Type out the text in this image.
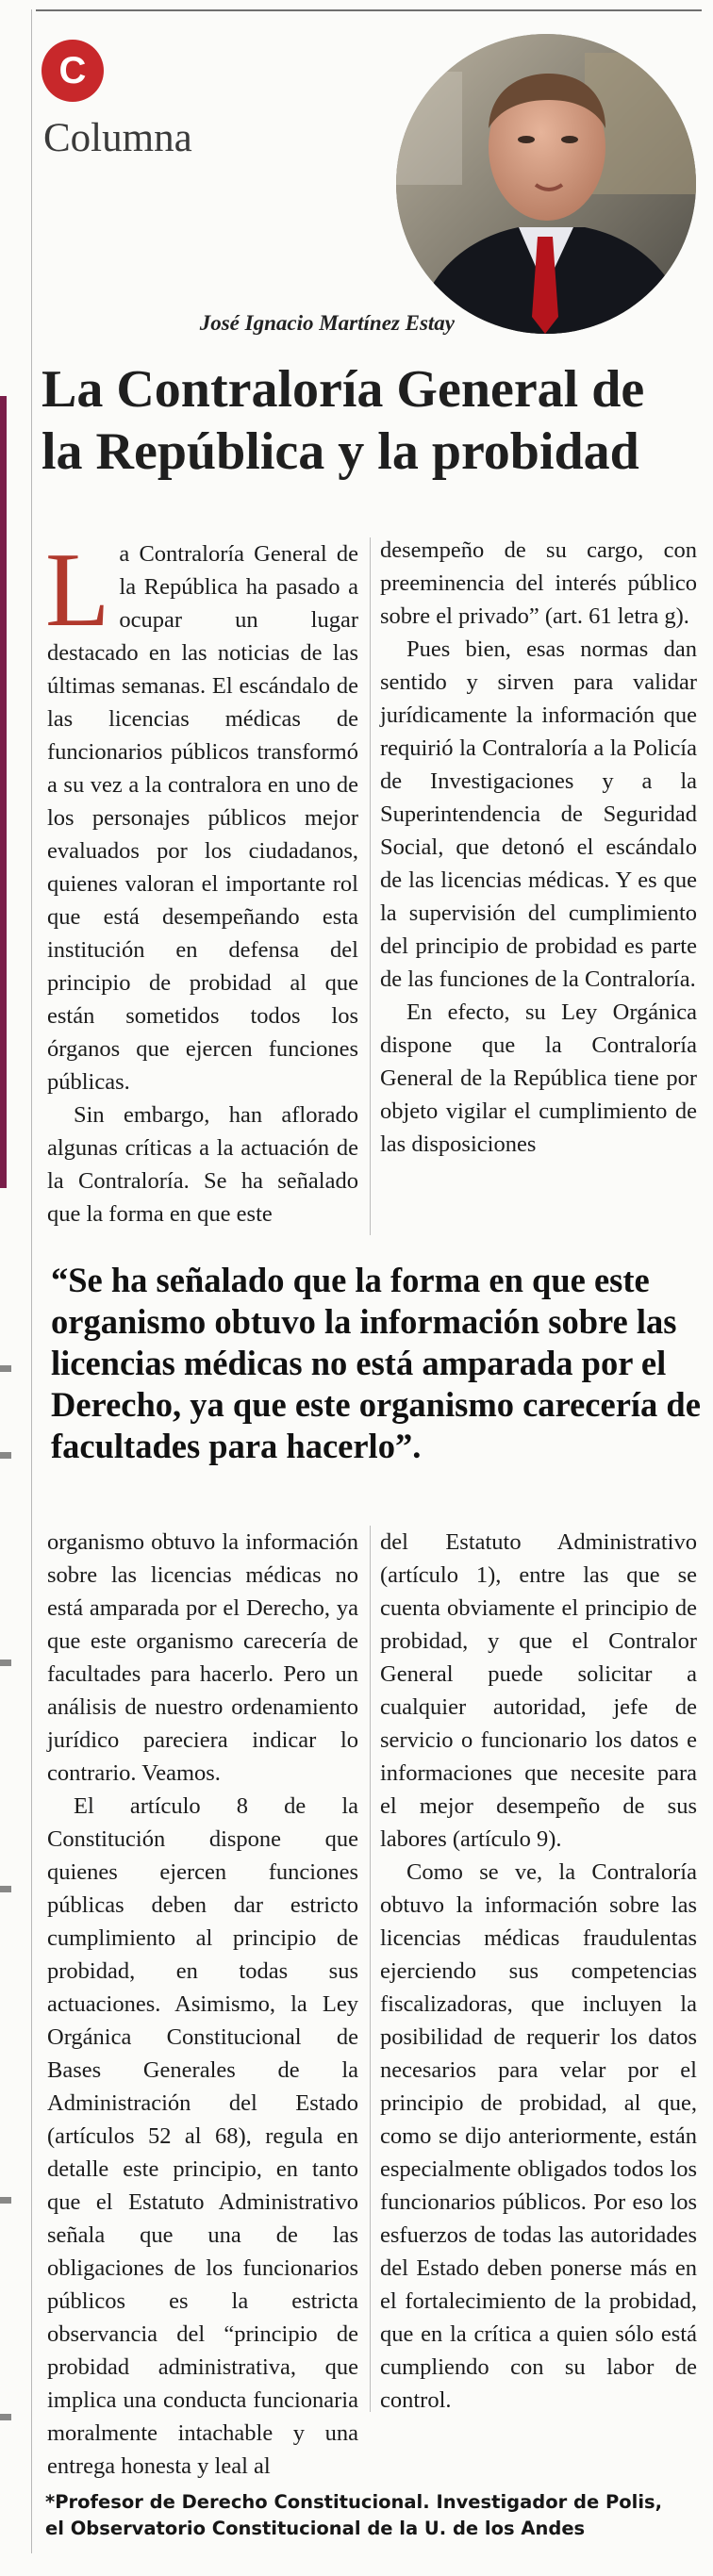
C
Columna
José Ignacio Martínez Estay
La Contraloría General de la República y la probidad
L a Contraloría General de la República ha pasado a ocupar un lugar destacado en las noticias de las últimas semanas. El escándalo de las licencias médicas de funcionarios públicos transformó a su vez a la contralora en uno de los personajes públicos mejor evaluados por los ciudadanos, quienes valoran el importante rol que está desempeñando esta institución en defensa del principio de probidad al que están sometidos todos los órganos que ejercen funciones públicas.

Sin embargo, han aflorado algunas críticas a la actuación de la Contraloría. Se ha señalado que la forma en que este

desempeño de su cargo, con preeminencia del interés público sobre el privado” (art. 61 letra g).

Pues bien, esas normas dan sentido y sirven para validar jurídicamente la información que requirió la Contraloría a la Policía de Investigaciones y a la Superintendencia de Seguridad Social, que detonó el escándalo de las licencias médicas. Y es que la supervisión del cumplimiento del principio de probidad es parte de las funciones de la Contraloría.

En efecto, su Ley Orgánica dispone que la Contraloría General de la República tiene por objeto vigilar el cumplimiento de las disposiciones

“Se ha señalado que la forma en que este organismo obtuvo la información sobre las licencias médicas no está amparada por el Derecho, ya que este organismo carecería de facultades para hacerlo”.

organismo obtuvo la información sobre las licencias médicas no está amparada por el Derecho, ya que este organismo carecería de facultades para hacerlo. Pero un análisis de nuestro ordenamiento jurídico pareciera indicar lo contrario. Veamos.

El artículo 8 de la Constitución dispone que quienes ejercen funciones públicas deben dar estricto cumplimiento al principio de probidad, en todas sus actuaciones. Asimismo, la Ley Orgánica Constitucional de Bases Generales de la Administración del Estado (artículos 52 al 68), regula en detalle este principio, en tanto que el Estatuto Administrativo señala que una de las obligaciones de los funcionarios públicos es la estricta observancia del “principio de probidad administrativa, que implica una conducta funcionaria moralmente intachable y una entrega honesta y leal al

del Estatuto Administrativo (artículo 1), entre las que se cuenta obviamente el principio de probidad, y que el Contralor General puede solicitar a cualquier autoridad, jefe de servicio o funcionario los datos e informaciones que necesite para el mejor desempeño de sus labores (artículo 9).

Como se ve, la Contraloría obtuvo la información sobre las licencias médicas fraudulentas ejerciendo sus competencias fiscalizadoras, que incluyen la posibilidad de requerir los datos necesarios para velar por el principio de probidad, al que, como se dijo anteriormente, están especialmente obligados todos los funcionarios públicos. Por eso los esfuerzos de todas las autoridades del Estado deben ponerse más en el fortalecimiento de la probidad, que en la crítica a quien sólo está cumpliendo con su labor de control.

*Profesor de Derecho Constitucional. Investigador de Polis,
el Observatorio Constitucional de la U. de los Andes
